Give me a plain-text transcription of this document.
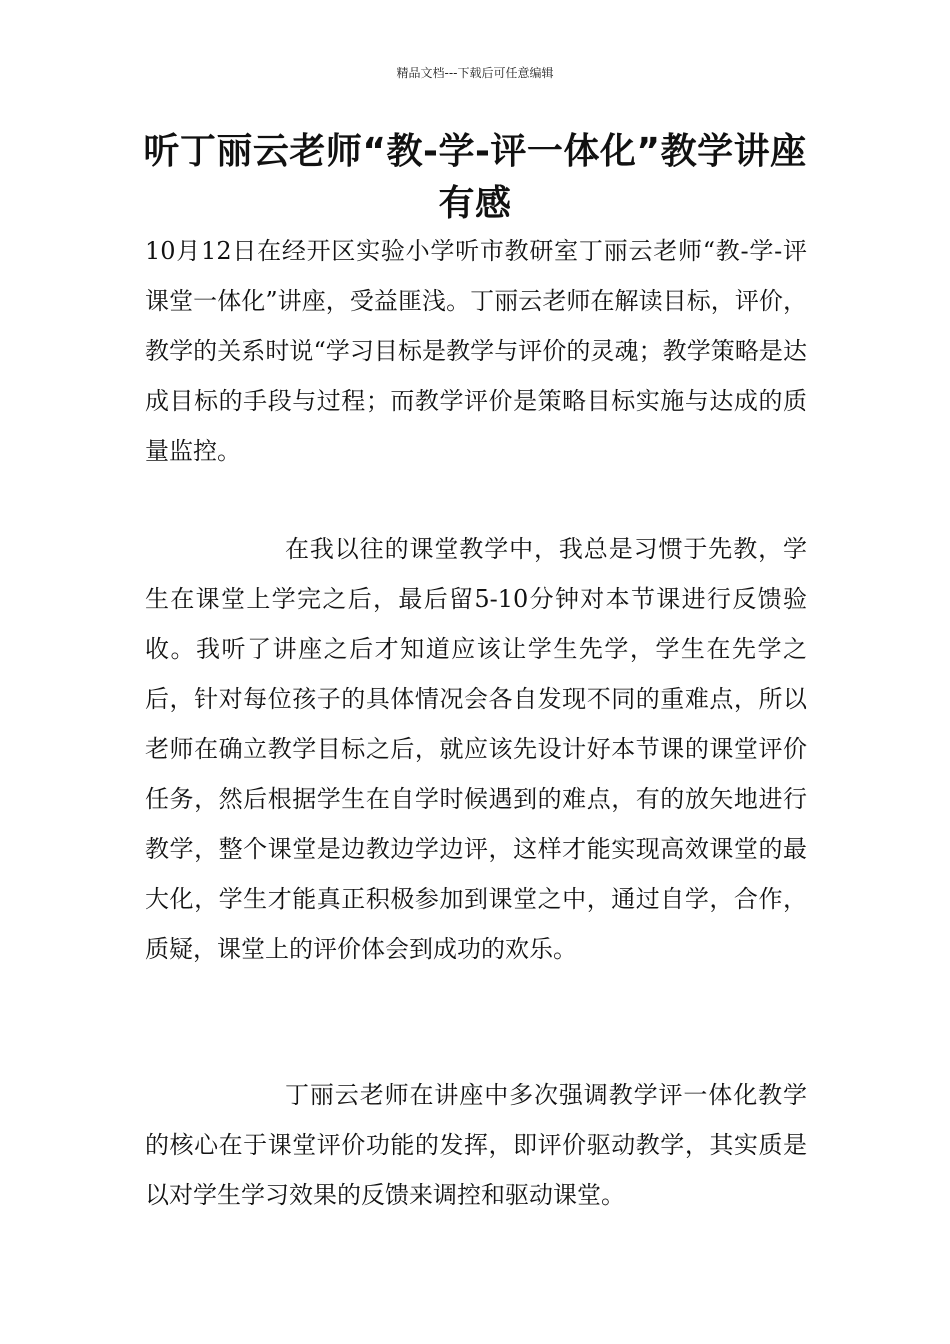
精品文档---下载后可任意编辑
听丁丽云老师“教-学-评一体化”教学讲座有感

10月12日在经开区实验小学听市教研室丁丽云老师“教-学-评课堂一体化”讲座，受益匪浅。丁丽云老师在解读目标，评价，教学的关系时说“学习目标是教学与评价的灵魂；教学策略是达成目标的手段与过程；而教学评价是策略目标实施与达成的质量监控。

在我以往的课堂教学中，我总是习惯于先教，学生在课堂上学完之后，最后留5-10分钟对本节课进行反馈验收。我听了讲座之后才知道应该让学生先学，学生在先学之后，针对每位孩子的具体情况会各自发现不同的重难点，所以老师在确立教学目标之后，就应该先设计好本节课的课堂评价任务，然后根据学生在自学时候遇到的难点，有的放矢地进行教学，整个课堂是边教边学边评，这样才能实现高效课堂的最大化，学生才能真正积极参加到课堂之中，通过自学，合作，质疑，课堂上的评价体会到成功的欢乐。

丁丽云老师在讲座中多次强调教学评一体化教学的核心在于课堂评价功能的发挥，即评价驱动教学，其实质是以对学生学习效果的反馈来调控和驱动课堂。
